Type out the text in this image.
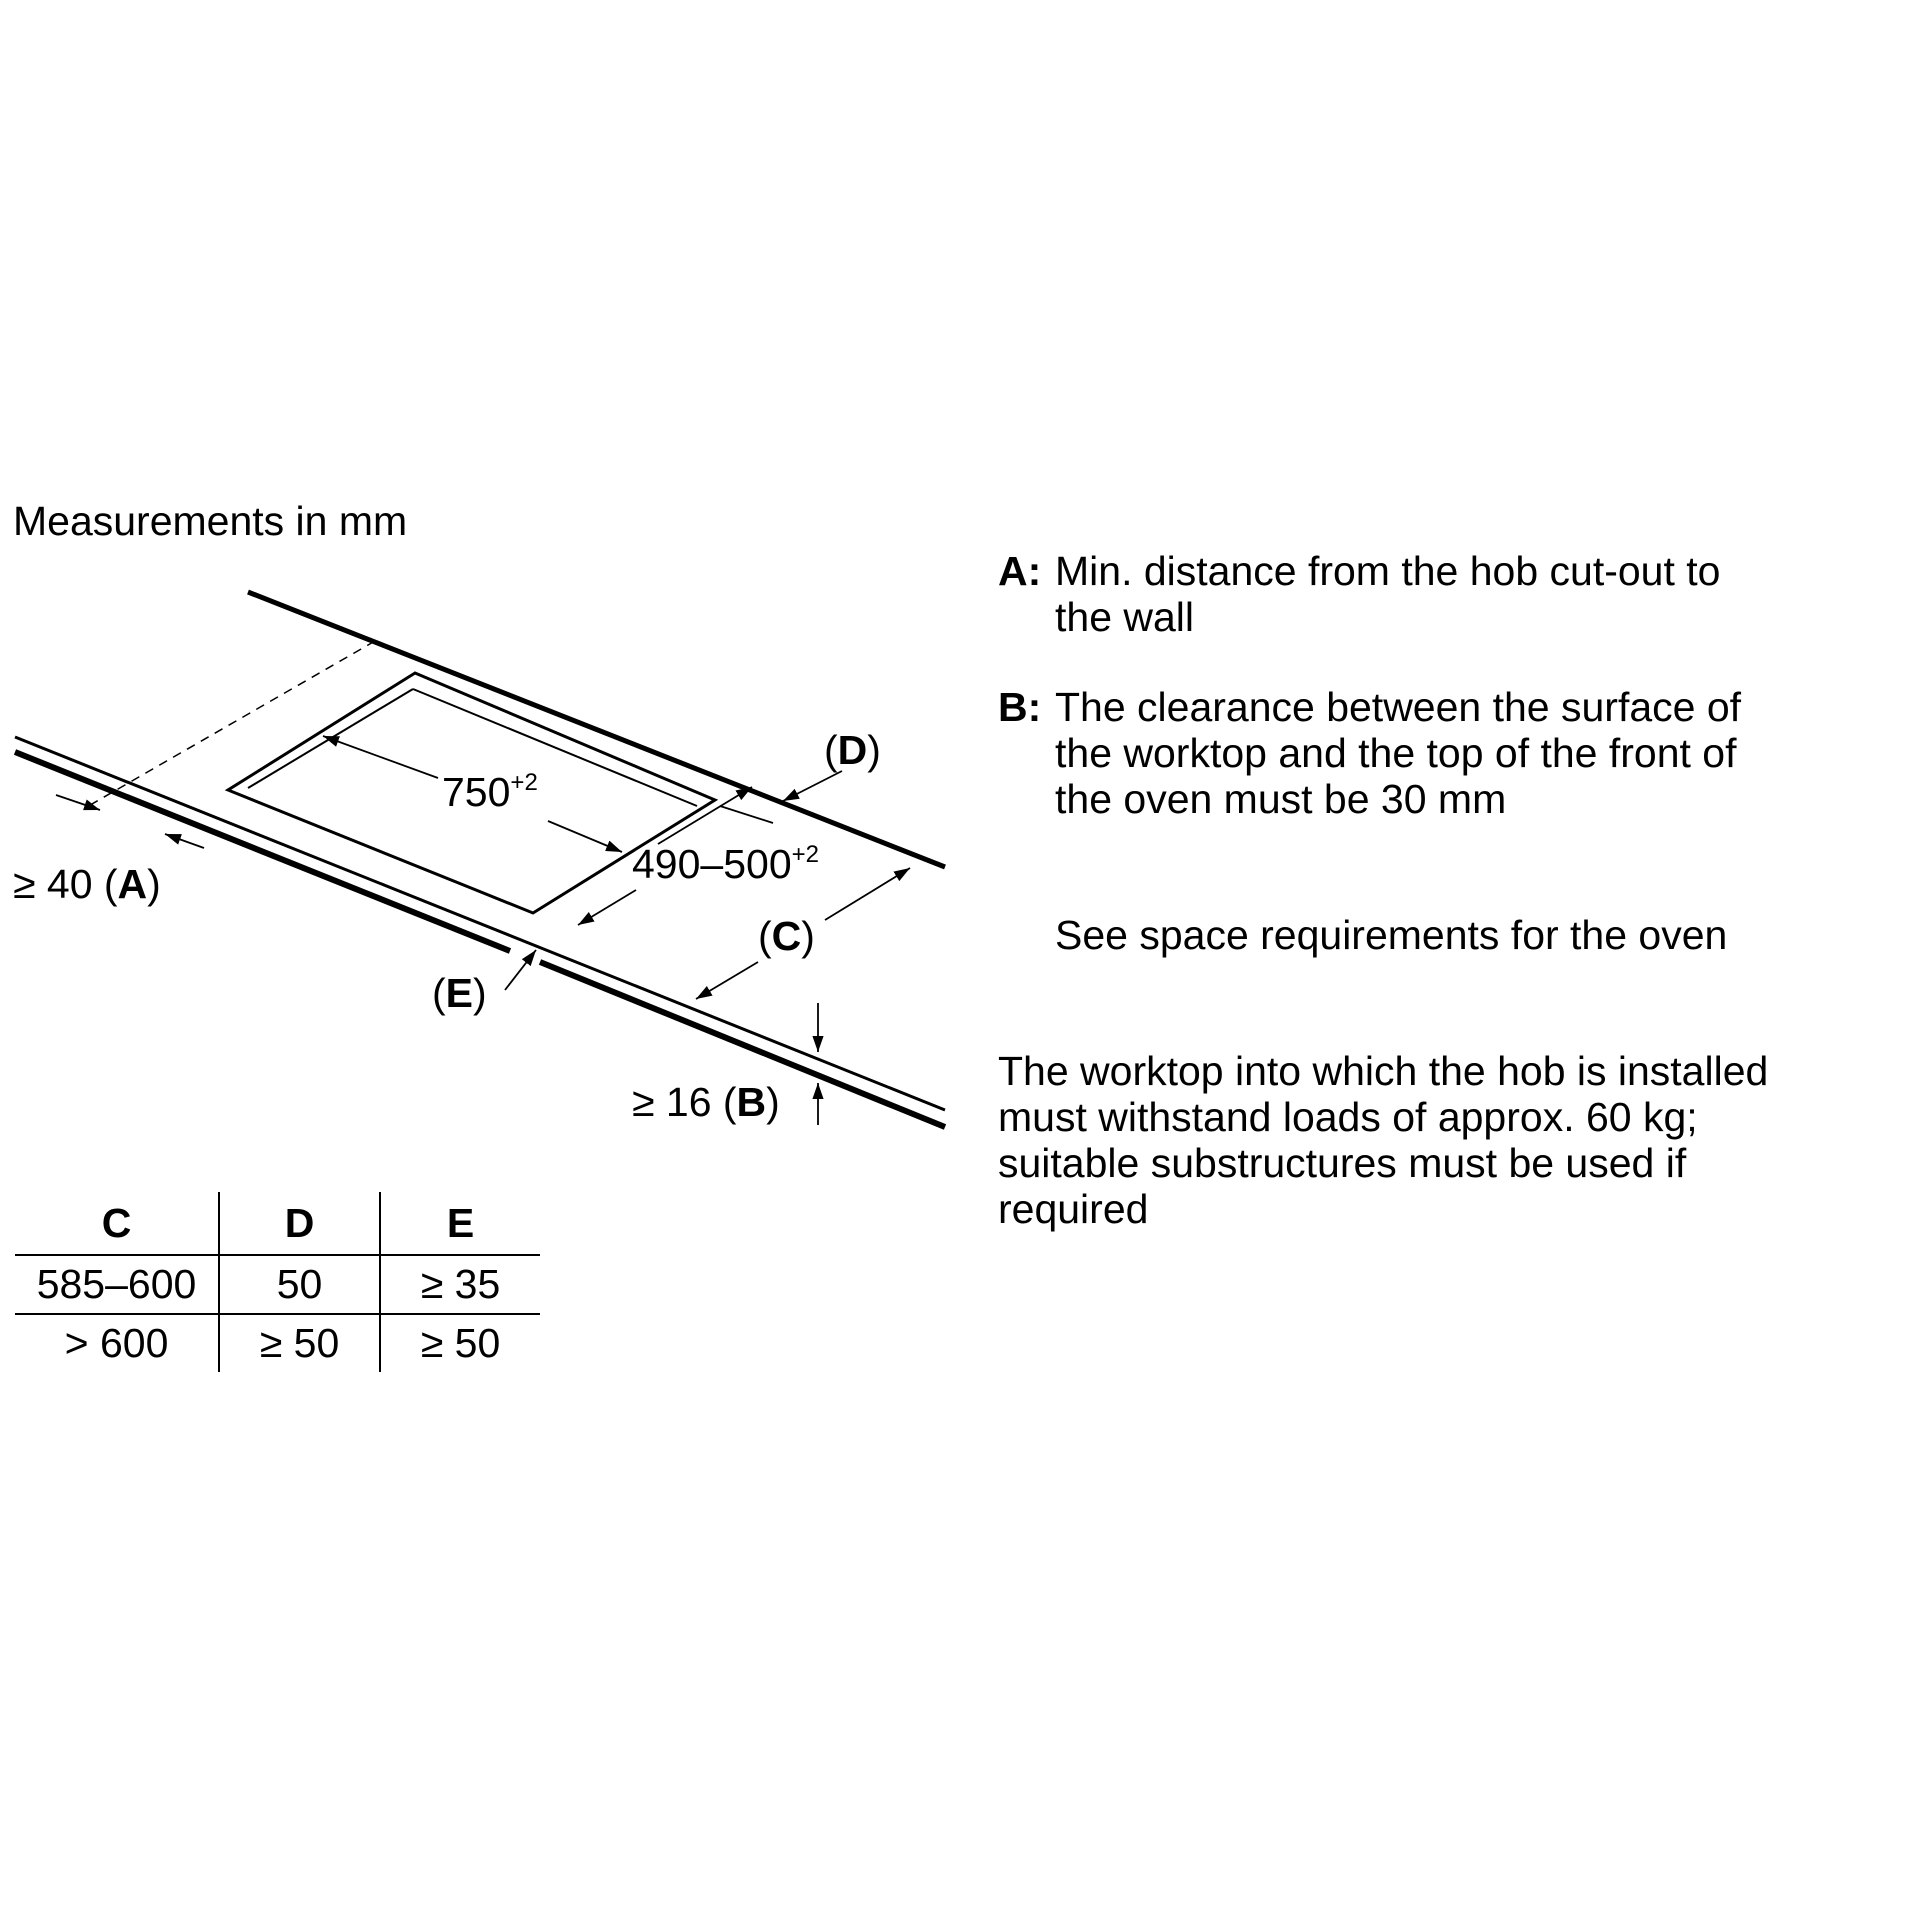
Measurements in mm
$750^{+2}$
$490-500^{+2}$
(D)
(C)
(E)
≥ 40 (A)
≥ 16 (B)
A: Min. distance from the hob cut-out to
the wall
B: The clearance between the surface of
the worktop and the top of the front of
the oven must be 30 mm
See space requirements for the oven
The worktop into which the hob is installed
must withstand loads of approx. 60 kg;
suitable substructures must be used if
required
C	D	E
585–600	50	≥ 35
> 600	≥ 50	≥ 50
